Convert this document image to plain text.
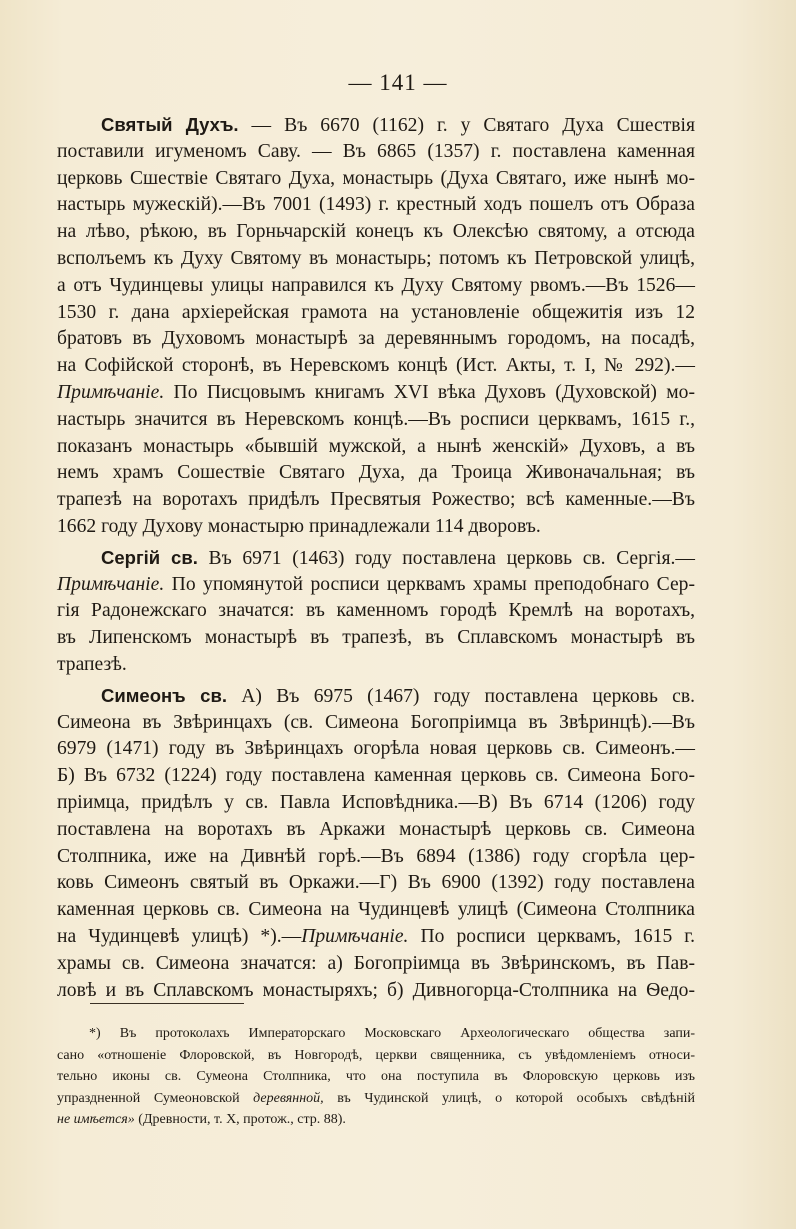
— 141 —
Святый Духъ. — Въ 6670 (1162) г. у Святаго Духа Сшествія
поставили игуменомъ Саву. — Въ 6865 (1357) г. поставлена каменная
церковь Сшествіе Святаго Духа, монастырь (Духа Святаго, иже нынѣ мо-
настырь мужескій).—Въ 7001 (1493) г. крестный ходъ пошелъ отъ Образа
на лѣво, рѣкою, въ Горньчарскій конецъ къ Олексѣю святому, а отсюда
всполъемъ къ Духу Святому въ монастырь; потомъ къ Петровской улицѣ,
а отъ Чудинцевы улицы направился къ Духу Святому рвомъ.—Въ 1526—
1530 г. дана архіерейская грамота на установленіе общежитія изъ 12
братовъ въ Духовомъ монастырѣ за деревяннымъ городомъ, на посадѣ,
на Софійской сторонѣ, въ Неревскомъ концѣ (Ист. Акты, т. I, № 292).—
Примѣчаніе. По Писцовымъ книгамъ XVI вѣка Духовъ (Духовской) мо-
настырь значится въ Неревскомъ концѣ.—Въ росписи церквамъ, 1615 г.,
показанъ монастырь «бывшій мужской, а нынѣ женскій» Духовъ, а въ
немъ храмъ Сошествіе Святаго Духа, да Троица Живоначальная; въ
трапезѣ на воротахъ придѣлъ Пресвятыя Рожество; всѣ каменные.—Въ
1662 году Духову монастырю принадлежали 114 дворовъ.
Сергій св. Въ 6971 (1463) году поставлена церковь св. Сергія.—
Примѣчаніе. По упомянутой росписи церквамъ храмы преподобнаго Сер-
гія Радонежскаго значатся: въ каменномъ городѣ Кремлѣ на воротахъ,
въ Липенскомъ монастырѣ въ трапезѣ, въ Сплавскомъ монастырѣ въ
трапезѣ.
Симеонъ св. А) Въ 6975 (1467) году поставлена церковь св.
Симеона въ Звѣринцахъ (св. Симеона Богопріимца въ Звѣринцѣ).—Въ
6979 (1471) году въ Звѣринцахъ огорѣла новая церковь св. Симеонъ.—
Б) Въ 6732 (1224) году поставлена каменная церковь св. Симеона Бого-
пріимца, придѣлъ у св. Павла Исповѣдника.—В) Въ 6714 (1206) году
поставлена на воротахъ въ Аркажи монастырѣ церковь св. Симеона
Столпника, иже на Дивнѣй горѣ.—Въ 6894 (1386) году сгорѣла цер-
ковь Симеонъ святый въ Оркажи.—Г) Въ 6900 (1392) году поставлена
каменная церковь св. Симеона на Чудинцевѣ улицѣ (Симеона Столпника
на Чудинцевѣ улицѣ) *).—Примѣчаніе. По росписи церквамъ, 1615 г.
храмы св. Симеона значатся: а) Богопріимца въ Звѣринскомъ, въ Пав-
ловѣ и въ Сплавскомъ монастыряхъ; б) Дивногорца-Столпника на Ѳедо-
*) Въ протоколахъ Императорскаго Московскаго Археологическаго общества запи-
сано «отношеніе Флоровской, въ Новгородѣ, церкви священника, съ увѣдомленіемъ относи-
тельно иконы св. Сумеона Столпника, что она поступила въ Флоровскую церковь изъ
упраздненной Сумеоновской деревянной, въ Чудинской улицѣ, о которой особыхъ свѣдѣній
не имѣется» (Древности, т. X, протож., стр. 88).
